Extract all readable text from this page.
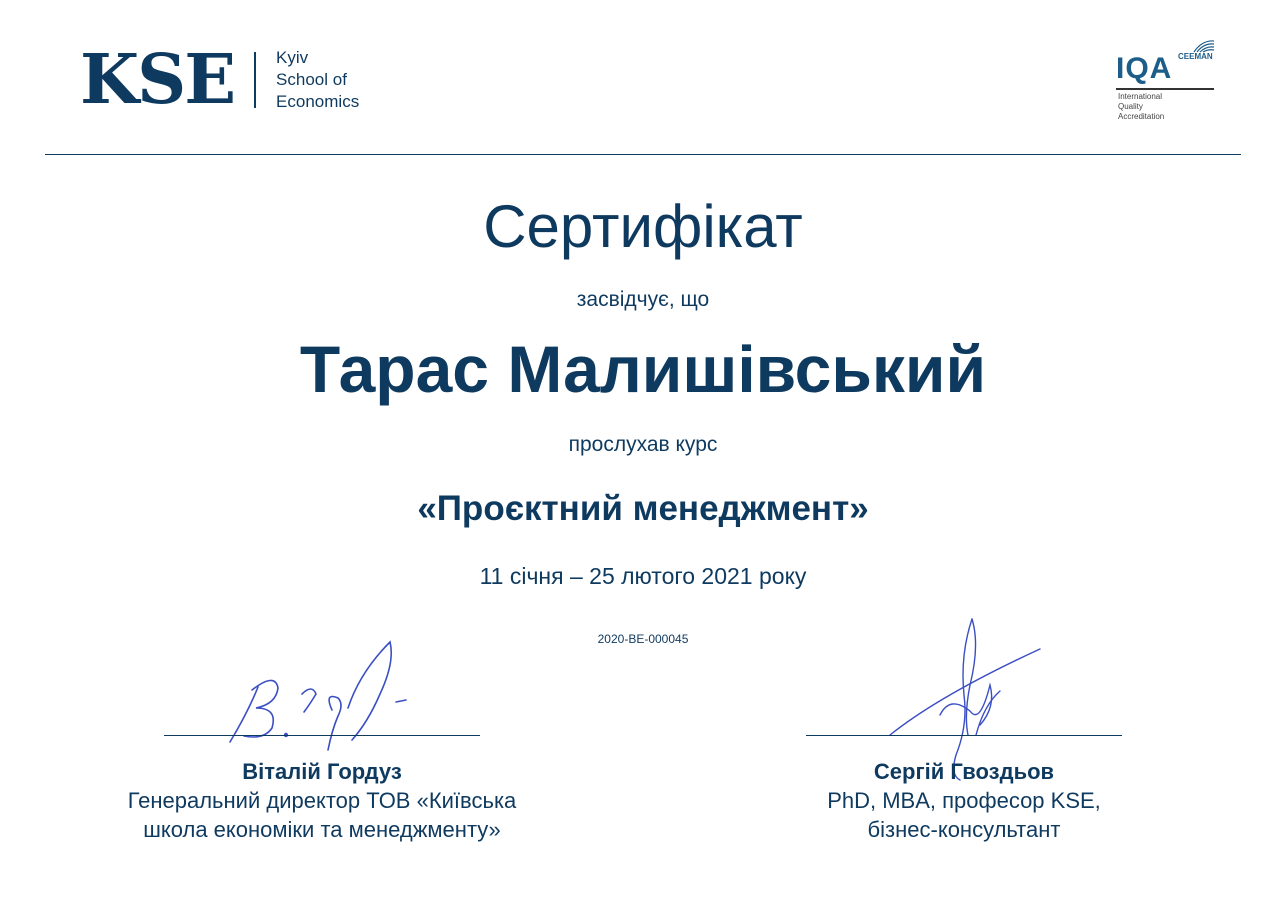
KSE Kyiv
School of
Economics
IQA CEEMAN
International
Quality
Accreditation
Сертифікат
засвідчує, що
Тарас Малишівський
прослухав курс
«Проєктний менеджмент»
11 січня – 25 лютого 2021 року
2020-BE-000045
Віталій Гордуз
Генеральний директор ТОВ «Київська
школа економіки та менеджменту»
Сергій Гвоздьов
PhD, MBA, професор KSE,
бізнес-консультант
